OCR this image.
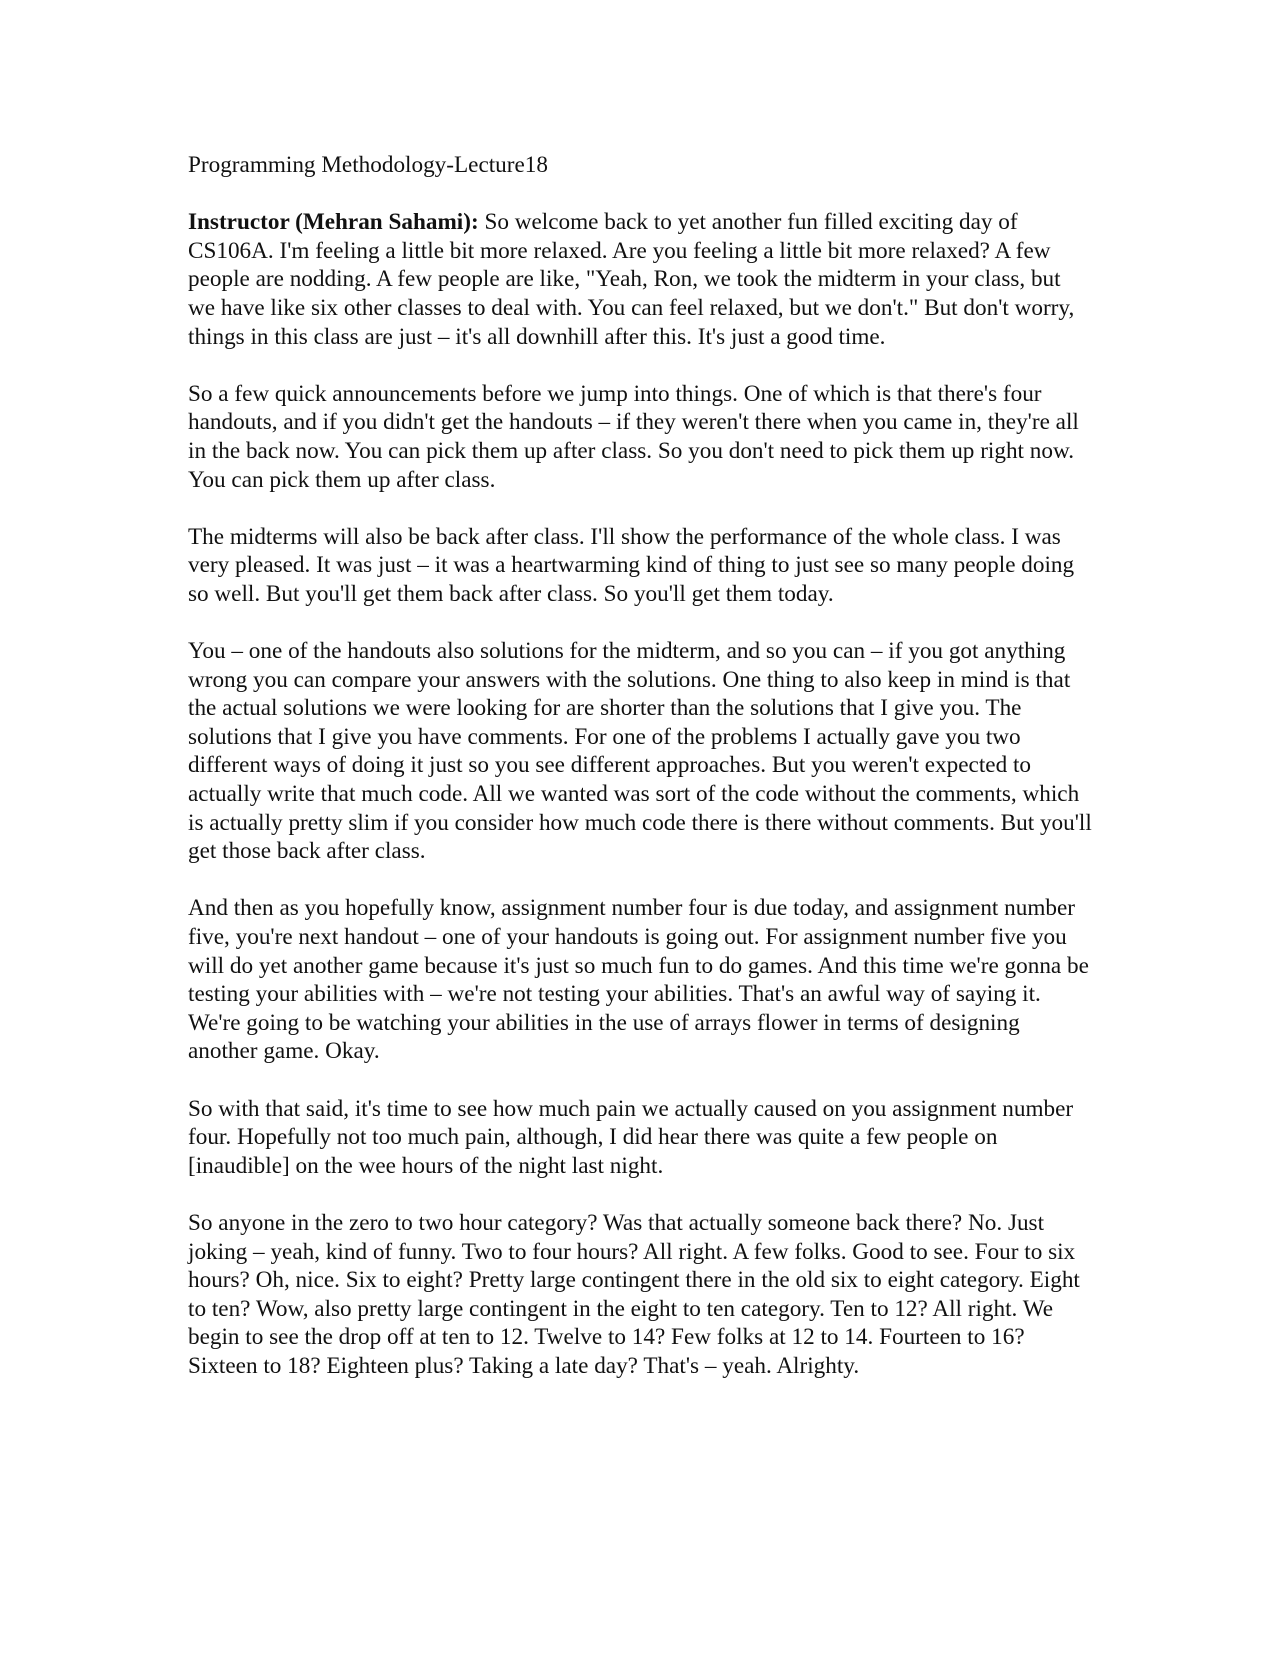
Programming Methodology-Lecture18

Instructor (Mehran Sahami): So welcome back to yet another fun filled exciting day of CS106A. I'm feeling a little bit more relaxed. Are you feeling a little bit more relaxed? A few people are nodding. A few people are like, "Yeah, Ron, we took the midterm in your class, but we have like six other classes to deal with. You can feel relaxed, but we don't." But don't worry, things in this class are just – it's all downhill after this. It's just a good time.

So a few quick announcements before we jump into things. One of which is that there's four handouts, and if you didn't get the handouts – if they weren't there when you came in, they're all in the back now. You can pick them up after class. So you don't need to pick them up right now. You can pick them up after class.

The midterms will also be back after class. I'll show the performance of the whole class. I was very pleased. It was just – it was a heartwarming kind of thing to just see so many people doing so well. But you'll get them back after class. So you'll get them today.

You – one of the handouts also solutions for the midterm, and so you can – if you got anything wrong you can compare your answers with the solutions. One thing to also keep in mind is that the actual solutions we were looking for are shorter than the solutions that I give you. The solutions that I give you have comments. For one of the problems I actually gave you two different ways of doing it just so you see different approaches. But you weren't expected to actually write that much code. All we wanted was sort of the code without the comments, which is actually pretty slim if you consider how much code there is there without comments. But you'll get those back after class.

And then as you hopefully know, assignment number four is due today, and assignment number five, you're next handout – one of your handouts is going out. For assignment number five you will do yet another game because it's just so much fun to do games. And this time we're gonna be testing your abilities with – we're not testing your abilities. That's an awful way of saying it. We're going to be watching your abilities in the use of arrays flower in terms of designing another game. Okay.

So with that said, it's time to see how much pain we actually caused on you assignment number four. Hopefully not too much pain, although, I did hear there was quite a few people on [inaudible] on the wee hours of the night last night.

So anyone in the zero to two hour category? Was that actually someone back there? No. Just joking – yeah, kind of funny. Two to four hours? All right. A few folks. Good to see. Four to six hours? Oh, nice. Six to eight? Pretty large contingent there in the old six to eight category. Eight to ten? Wow, also pretty large contingent in the eight to ten category. Ten to 12? All right. We begin to see the drop off at ten to 12. Twelve to 14? Few folks at 12 to 14. Fourteen to 16? Sixteen to 18? Eighteen plus? Taking a late day? That's – yeah. Alrighty.
